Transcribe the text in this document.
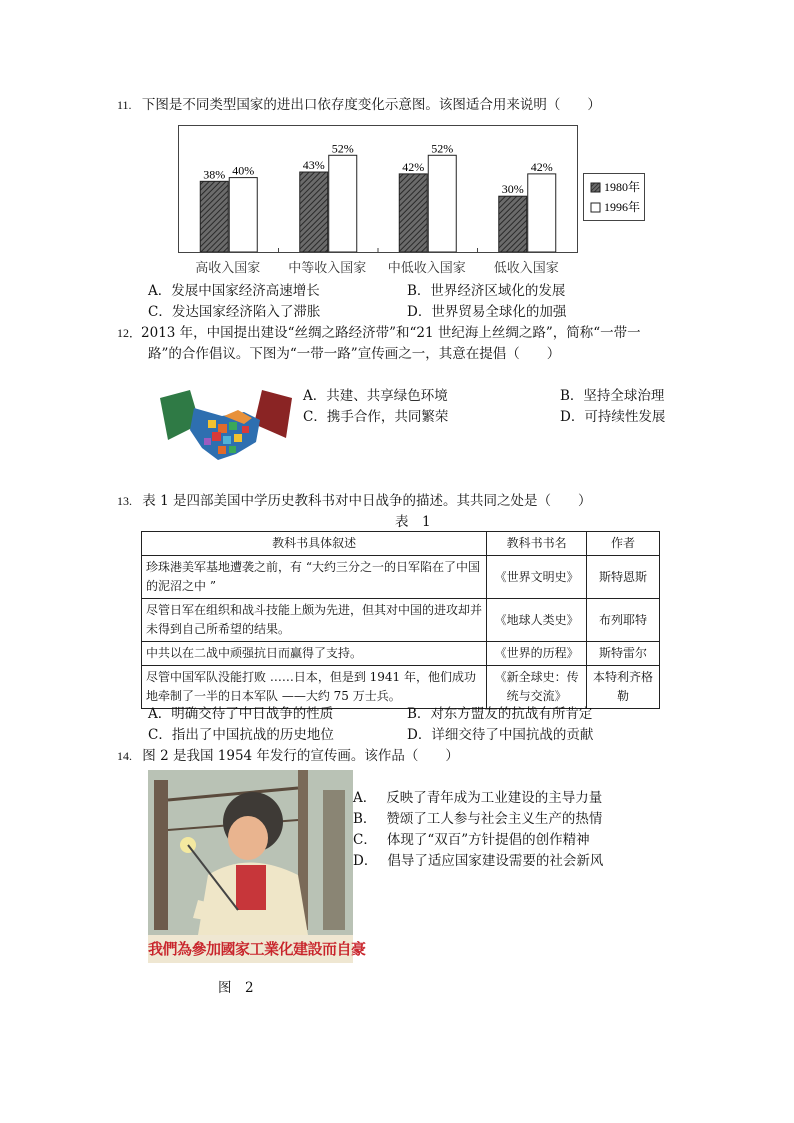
11. 下图是不同类型国家的进出口依存度变化示意图。该图适合用来说明（　　）
38% 40%	43%
52%
42%
52%
30%
42%
1980年
1996年
高收入国家	中等收入国家	中低收入国家	低收入国家
A．发展中国家经济高速增长	B．世界经济区域化的发展
C．发达国家经济陷入了滞胀	D．世界贸易全球化的加强
12．2013 年，中国提出建设“丝绸之路经济带”和“21 世纪海上丝绸之路”，简称“一带一
路”的合作倡议。下图为“一带一路”宣传画之一，其意在提倡（　　）
A．共建、共享绿色环境	B．坚持全球治理
C．携手合作，共同繁荣	D．可持续性发展
13. 表 1 是四部美国中学历史教科书对中日战争的描述。其共同之处是（　　）
表　1
教科书具体叙述	教科书书名	作者
珍珠港美军基地遭袭之前，有 “大约三分之一的日军陷在了中国的泥沼之中 ”	《世界文明史》	斯特恩斯
尽管日军在组织和战斗技能上颇为先进，但其对中国的进攻却并未得到自己所希望的结果。	《地球人类史》	布列耶特
中共以在二战中顽强抗日而赢得了支持。	《世界的历程》	斯特雷尔
尽管中国军队没能打败 ……日本，但是到 1941 年，他们成功地牵制了一半的日本军队 ——大约 75 万士兵。	《新全球史：传统与交流》	本特利齐格勒
A．明确交待了中日战争的性质	B．对东方盟友的抗战有所肯定
C．指出了中国抗战的历史地位	D．详细交待了中国抗战的贡献
14. 图 2 是我国 1954 年发行的宣传画。该作品（　　）
我們為參加國家工業化建設而自豪
图　2
A． 反映了青年成为工业建设的主导力量
B． 赞颂了工人参与社会主义生产的热情
C． 体现了“双百”方针提倡的创作精神
D． 倡导了适应国家建设需要的社会新风
